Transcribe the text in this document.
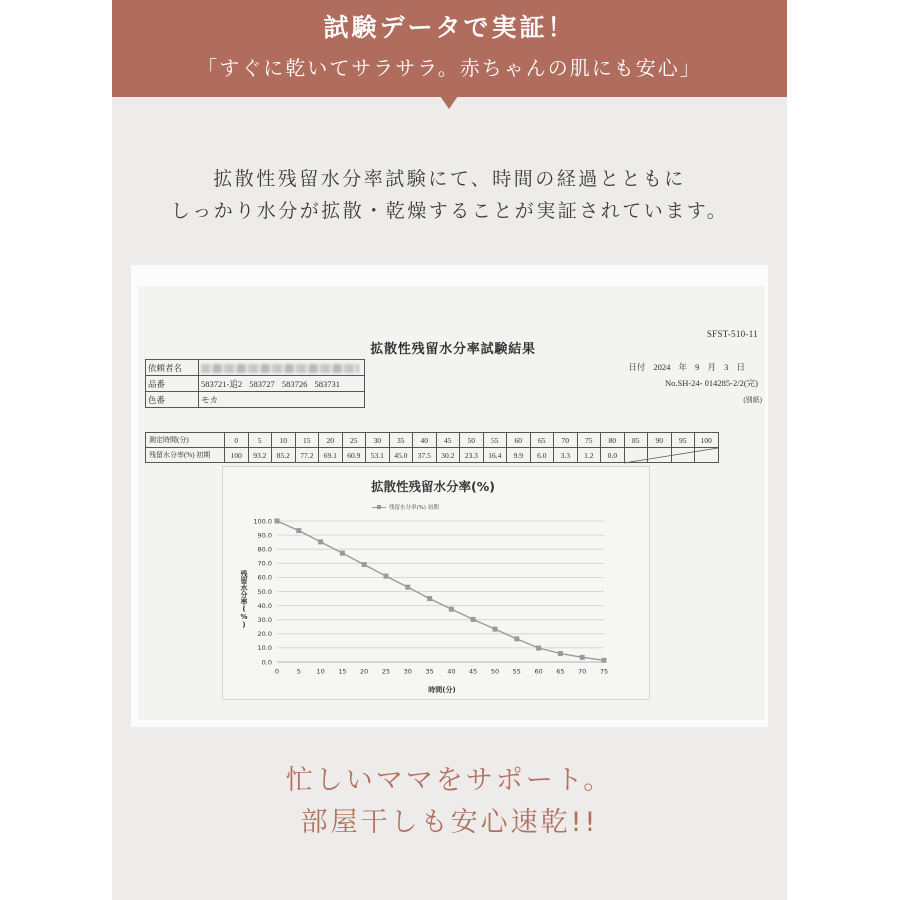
試験データで実証！
「すぐに乾いてサラサラ。赤ちゃんの肌にも安心」
拡散性残留水分率試験にて、時間の経過とともに
しっかり水分が拡散・乾燥することが実証されています。
SFST-510-11
拡散性残留水分率試験結果
依頼者名	
品番	583721-追2 583727 583726 583731
色番	モカ
日付 2024 年 9 月 3 日
No.SH-24- 014285-2/2(完)
(別紙)
測定時間(分)	0	5	10	15	20	25	30	35	40	45	50	55	60	65	70	75	80	85	90	95	100
残留水分率(%) 初期	100	93.2	85.2	77.2	69.1	60.9	53.1	45.0	37.5	30.2	23.3	16.4	9.9	6.0	3.3	1.2	0.0				
0.0
10.0
20.0
30.0
40.0
50.0
60.0
70.0
80.0
90.0
100.0
0	5 10 15 20 25 30 35 40 45 50 55 60 65 70 75
拡散性残留水分率(%)
残留水分率(%) 初期
残留水分率(%)
時間(分)
忙しいママをサポート。
部屋干しも安心速乾!!
